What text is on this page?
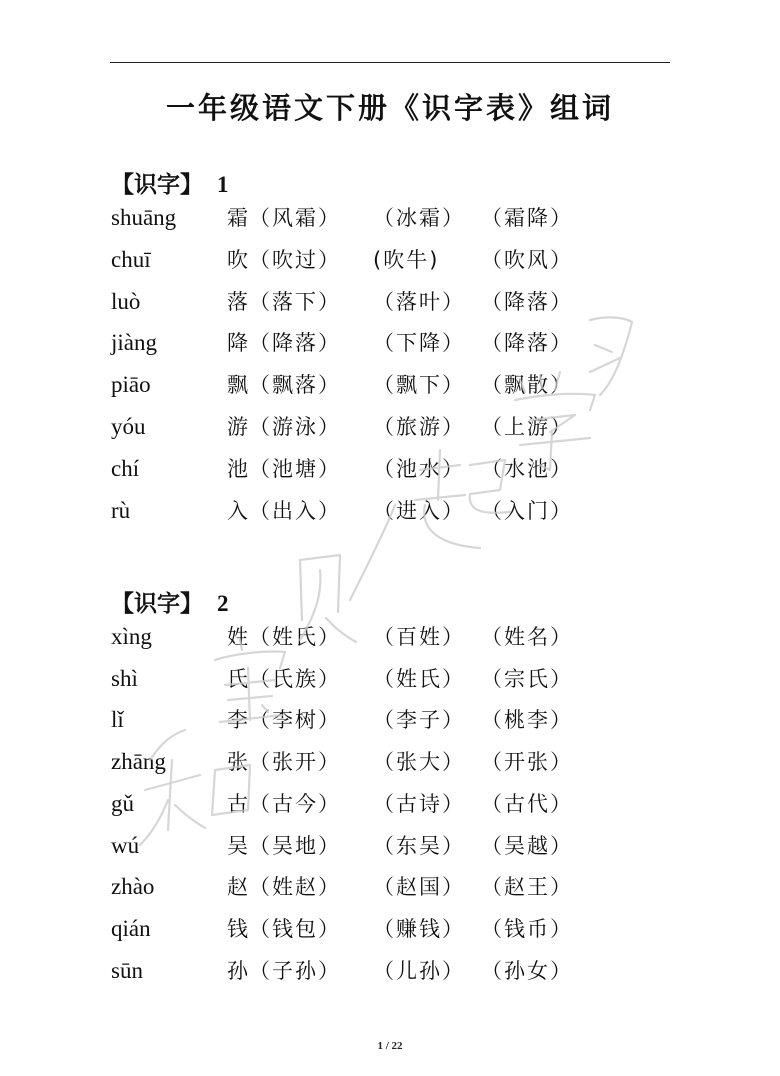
一年级语文下册《识字表》组词
【识字】 1
shuāng 霜 （风霜） （冰霜） （霜降）
chuī	吹 （吹过） (吹牛) （吹风）
luò	落 （落下） （落叶） （降落）
jiàng	降 （降落） （下降） （降落）
piāo	飘 （飘落） （飘下） （飘散）
yóu	游 （游泳） （旅游） （上游）
chí	池 （池塘） （池水） （水池）
rù	入 （出入） （进入） （入门）
【识字】 2
xìng	姓 （姓氏） （百姓） （姓名）
shì	氏 （氏族） （姓氏） （宗氏）
lǐ	李 （李树） （李子） （桃李）
zhāng	张 （张开） （张大） （开张）
gǔ	古 （古今） （古诗） （古代）
wú	吴 （吴地） （东吴） （吴越）
zhào	赵 （姓赵） （赵国） （赵王）
qián	钱 （钱包） （赚钱） （钱币）
sūn	孙 （子孙） （儿孙） （孙女）
1 / 22
